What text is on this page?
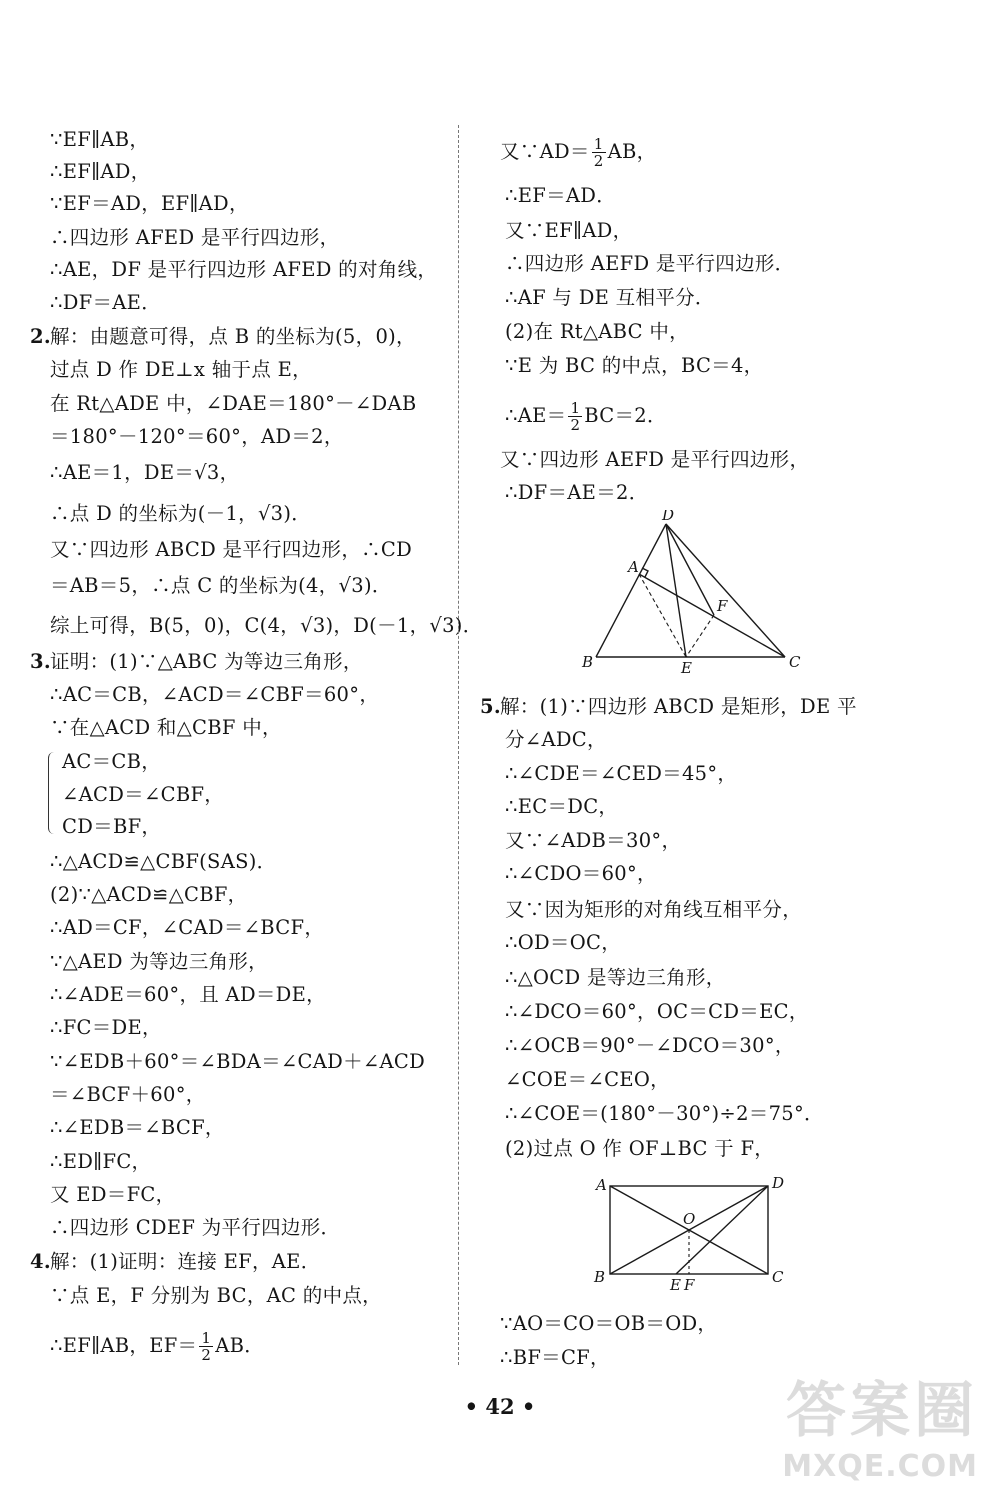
∵EF∥AB，
∴EF∥AD，
∵EF＝AD，EF∥AD，
∴四边形 AFED 是平行四边形，
∴AE，DF 是平行四边形 AFED 的对角线，
∴DF＝AE．
2. 解：由题意可得，点 B 的坐标为(5，0)，
过点 D 作 DE⊥x 轴于点 E，
在 Rt△ADE 中，∠DAE＝180°－∠DAB
＝180°－120°＝60°，AD＝2，
∴AE＝1，DE＝√3，
∴点 D 的坐标为(－1，√3)．
又∵四边形 ABCD 是平行四边形，∴CD
＝AB＝5，∴点 C 的坐标为(4，√3)．
综上可得，B(5，0)，C(4，√3)，D(－1，√3)．
3. 证明：(1)∵△ABC 为等边三角形，
∴AC＝CB，∠ACD＝∠CBF＝60°，
∵在△ACD 和△CBF 中，
AC＝CB，
∠ACD＝∠CBF，
CD＝BF，
∴△ACD≌△CBF(SAS)．
(2)∵△ACD≌△CBF，
∴AD＝CF，∠CAD＝∠BCF，
∵△AED 为等边三角形，
∴∠ADE＝60°，且 AD＝DE，
∴FC＝DE，
∵∠EDB＋60°＝∠BDA＝∠CAD＋∠ACD
＝∠BCF＋60°，
∴∠EDB＝∠BCF，
∴ED∥FC，
又 ED＝FC，
∴四边形 CDEF 为平行四边形．
4. 解：(1)证明：连接 EF，AE．
∵点 E，F 分别为 BC，AC 的中点，
∴EF∥AB，$EF= \frac{1}{2}$ AB．
又∵AD＝ $\frac{1}{2}$ AB，
∴EF＝AD．
又∵EF∥AD，
∴四边形 AEFD 是平行四边形．
∴AF 与 DE 互相平分．
(2)在 Rt△ABC 中，
∵E 为 BC 的中点，BC＝4，
∴AE＝ $\frac{1}{2} BC=2$．
又∵四边形 AEFD 是平行四边形，
∴DF＝AE＝2．
D
A
F
B	E	C
5. 解：(1)∵四边形 ABCD 是矩形，DE 平
分∠ADC，
∴∠CDE＝∠CED＝45°，
∴EC＝DC，
又∵∠ADB＝30°，
∴∠CDO＝60°，
又∵因为矩形的对角线互相平分，
∴OD＝OC，
∴△OCD 是等边三角形，
∴∠DCO＝60°，OC＝CD＝EC，
∴∠OCB＝90°－∠DCO＝30°，
∠COE＝∠CEO，
∴∠COE＝(180°－30°)÷2＝75°．
(2)过点 O 作 OF⊥BC 于 F，
A	D
O
B	E F	C
∵AO＝CO＝OB＝OD，
∴BF＝CF，
• 42 •	答案圈
MXQE.COM
